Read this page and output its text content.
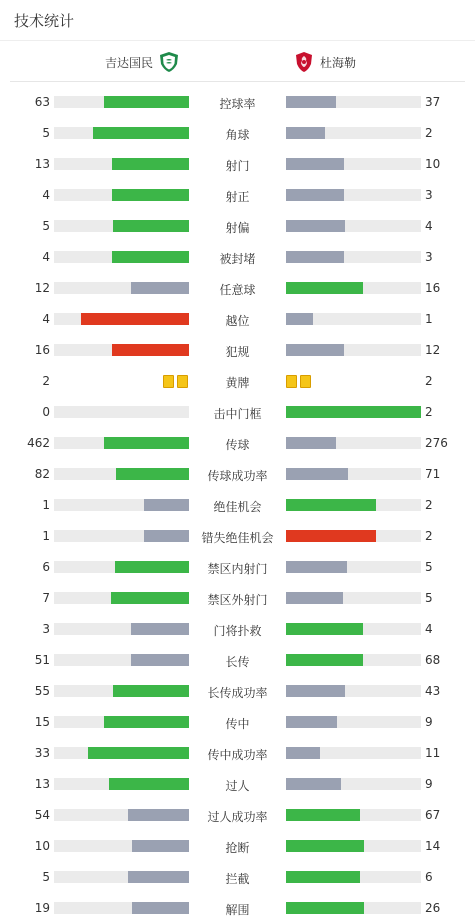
技术统计
吉达国民	杜海勒
63	控球率	37
5	角球	2
13	射门	10
4	射正	3
5	射偏	4
4	被封堵	3
12	任意球	16
4	越位	1
16	犯规	12
2	黄牌	2
0	击中门框	2
462	传球	276
82	传球成功率	71
1	绝佳机会	2
1	错失绝佳机会	2
6	禁区内射门	5
7	禁区外射门	5
3	门将扑救	4
51	长传	68
55	长传成功率	43
15	传中	9
33	传中成功率	11
13	过人	9
54	过人成功率	67
10	抢断	14
5	拦截	6
19	解围	26
